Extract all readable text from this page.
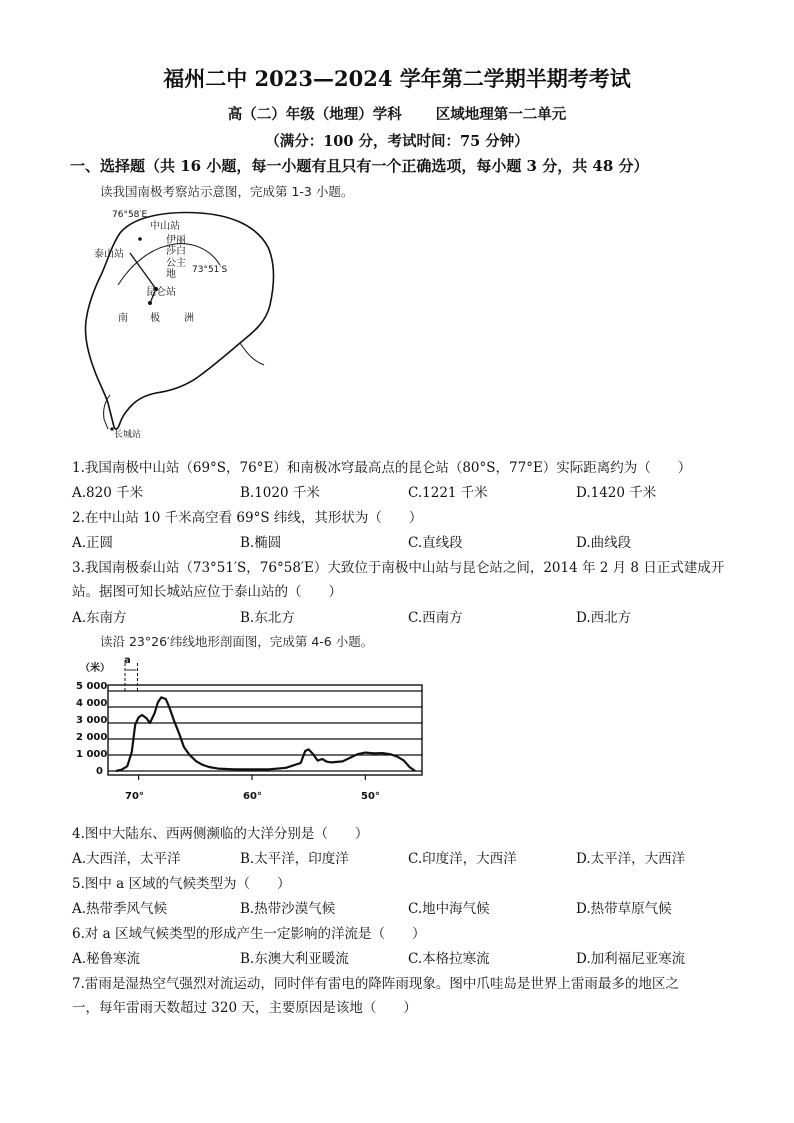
福州二中 2023—2024 学年第二学期半期考考试
高（二）年级（地理）学科 区域地理第一二单元
（满分：100 分，考试时间：75 分钟）
一、选择题（共 16 小题，每一小题有且只有一个正确选项，每小题 3 分，共 48 分）
读我国南极考察站示意图，完成第 1-3 小题。
76°58′E
中山站
泰山站
伊丽
莎白
公主
地 73°51′S
昆仑站
南 极 洲
长城站
1.我国南极中山站（69°S，76°E）和南极冰穹最高点的昆仑站（80°S，77°E）实际距离约为（　　）
A.820 千米	B.1020 千米	C.1221 千米	D.1420 千米
2.在中山站 10 千米高空看 69°S 纬线，其形状为（　　）
A.正圆	B.椭圆	C.直线段	D.曲线段
3.我国南极泰山站（73°51′S，76°58′E）大致位于南极中山站与昆仑站之间，2014 年 2 月 8 日正式建成开
站。据图可知长城站应位于泰山站的（　　）
A.东南方	B.东北方	C.西南方	D.西北方
读沿 23°26′纬线地形剖面图，完成第 4-6 小题。
（米）
a
5 000
4 000
3 000
2 000
1 000
0
70°	60°	50°
4.图中大陆东、西两侧濒临的大洋分别是（　　）
A.大西洋，太平洋	B.太平洋，印度洋	C.印度洋，大西洋	D.太平洋，大西洋
5.图中 a 区域的气候类型为（　　）
A.热带季风气候	B.热带沙漠气候	C.地中海气候	D.热带草原气候
6.对 a 区域气候类型的形成产生一定影响的洋流是（　　）
A.秘鲁寒流	B.东澳大利亚暖流	C.本格拉寒流	D.加利福尼亚寒流
7.雷雨是湿热空气强烈对流运动，同时伴有雷电的降阵雨现象。图中爪哇岛是世界上雷雨最多的地区之
一，每年雷雨天数超过 320 天，主要原因是该地（　　）
